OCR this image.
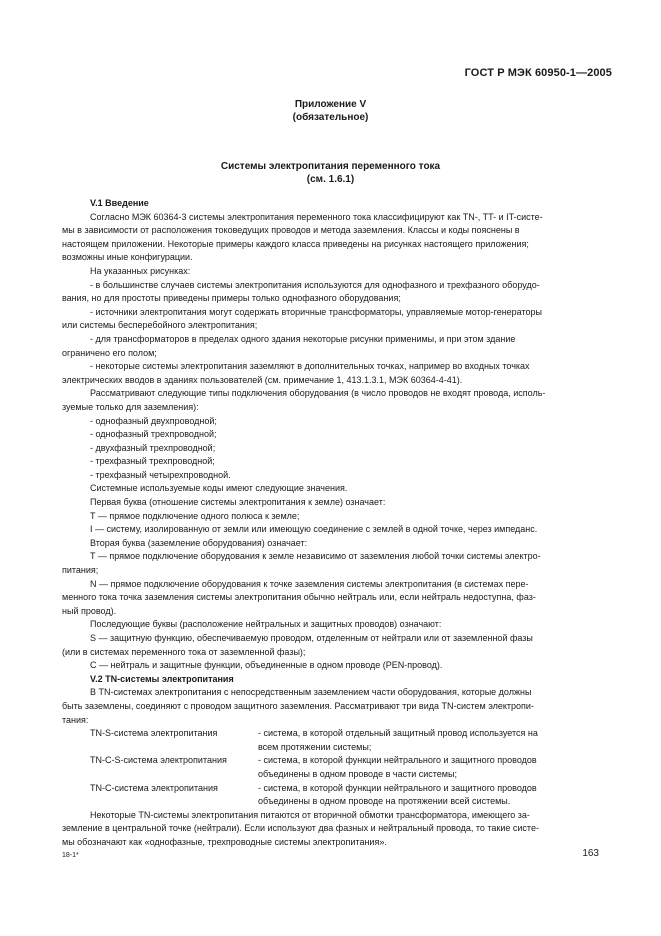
ГОСТ Р МЭК 60950-1—2005
Приложение V
(обязательное)
Системы электропитания переменного тока
(см. 1.6.1)

V.1 Введение

Согласно МЭК 60364-3 системы электропитания переменного тока классифицируют как TN-, TT- и IT-систе-

мы в зависимости от расположения токоведущих проводов и метода заземления. Классы и коды пояснены в

настоящем приложении. Некоторые примеры каждого класса приведены на рисунках настоящего приложения;

возможны иные конфигурации.

На указанных рисунках:

- в большинстве случаев системы электропитания используются для однофазного и трехфазного оборудо-

вания, но для простоты приведены примеры только однофазного оборудования;

- источники электропитания могут содержать вторичные трансформаторы, управляемые мотор-генераторы

или системы бесперебойного электропитания;

- для трансформаторов в пределах одного здания некоторые рисунки применимы, и при этом здание

ограничено его полом;

- некоторые системы электропитания заземляют в дополнительных точках, например во входных точках

электрических вводов в зданиях пользователей (см. примечание 1, 413.1.3.1, МЭК 60364-4-41).

Рассматривают следующие типы подключения оборудования (в число проводов не входят провода, исполь-

зуемые только для заземления):

- однофазный двухпроводной;

- однофазный трехпроводной;

- двухфазный трехпроводной;

- трехфазный трехпроводной;

- трехфазный четырехпроводной.

Системные используемые коды имеют следующие значения.

Первая буква (отношение системы электропитания к земле) означает:

T — прямое подключение одного полюса к земле;

I — систему, изолированную от земли или имеющую соединение с землей в одной точке, через импеданс.

Вторая буква (заземление оборудования) означает:

T — прямое подключение оборудования к земле независимо от заземления любой точки системы электро-

питания;

N — прямое подключение оборудования к точке заземления системы электропитания (в системах пере-

менного тока точка заземления системы электропитания обычно нейтраль или, если нейтраль недоступна, фаз-

ный провод).

Последующие буквы (расположение нейтральных и защитных проводов) означают:

S — защитную функцию, обеспечиваемую проводом, отделенным от нейтрали или от заземленной фазы

(или в системах переменного тока от заземленной фазы);

C — нейтраль и защитные функции, объединенные в одном проводе (PEN-провод).

V.2 TN-системы электропитания

В TN-системах электропитания с непосредственным заземлением части оборудования, которые должны

быть заземлены, соединяют с проводом защитного заземления. Рассматривают три вида TN-систем электропи-

тания:

TN-S-система электропитания	- система, в которой отдельный защитный провод используется на

всем протяжении системы;

TN-C-S-система электропитания	- система, в которой функции нейтрального и защитного проводов

объединены в одном проводе в части системы;

TN-C-система электропитания	- система, в которой функции нейтрального и защитного проводов

объединены в одном проводе на протяжении всей системы.

Некоторые TN-системы электропитания питаются от вторичной обмотки трансформатора, имеющего за-

земление в центральной точке (нейтрали). Если используют два фазных и нейтральный провода, то такие систе-

мы обозначают как «однофазные, трехпроводные системы электропитания».

18-1*	163
